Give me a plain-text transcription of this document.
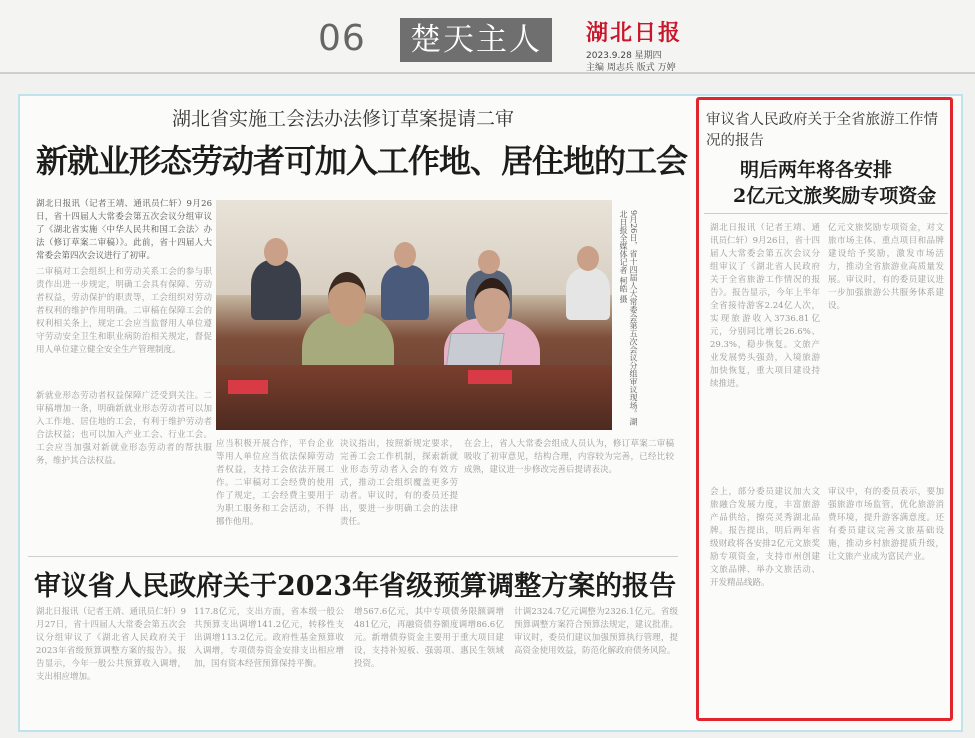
06	楚天主人	湖北日报
2023.9.28 星期四
主编 周志兵 版式 万婷
湖北省实施工会法办法修订草案提请二审
新就业形态劳动者可加入工作地、居住地的工会
湖北日报讯（记者王靖、通讯员仁轩）9月26日，省十四届人大常委会第五次会议分组审议了《湖北省实施〈中华人民共和国工会法〉办法（修订草案二审稿）》。此前，省十四届人大常委会第四次会议进行了初审。
二审稿对工会组织上和劳动关系工会的参与职责作出进一步规定，明确工会具有保障、劳动者权益，劳动保护的职责等，工会组织对劳动者权利的维护作用明确。二审稿在保障工会的权利相关条上，规定工会应当监督用人单位遵守劳动安全卫生和职业病防治相关规定，督促用人单位建立健全安全生产管理制度。
新就业形态劳动者权益保障广泛受到关注。二审稿增加一条，明确新就业形态劳动者可以加入工作地、居住地的工会，有利于维护劳动者合法权益；也可以加入产业工会、行业工会。工会应当加强对新就业形态劳动者的帮扶服务，维护其合法权益。
应当积极开展合作，平台企业等用人单位应当依法保障劳动者权益，支持工会依法开展工作。二审稿对工会经费的使用作了规定，工会经费主要用于为职工服务和工会活动，不得挪作他用。
决议指出，按照新规定要求，完善工会工作机制，探索新就业形态劳动者入会的有效方式，推动工会组织覆盖更多劳动者。审议时，有的委员还提出，要进一步明确工会的法律责任。
在会上，省人大常委会组成人员认为，修订草案二审稿吸收了初审意见，结构合理，内容较为完善，已经比较成熟，建议进一步修改完善后提请表决。
9月26日，省十四届人大常委会第五次会议分组审议现场。湖北日报全媒体记者 柯皓 摄
审议省人民政府关于2023年省级预算调整方案的报告
湖北日报讯（记者王靖、通讯员仁轩）9月27日，省十四届人大常委会第五次会议分组审议了《湖北省人民政府关于2023年省级预算调整方案的报告》。报告显示，今年一般公共预算收入调增，支出相应增加。
117.8亿元，支出方面，省本级一般公共预算支出调增141.2亿元，转移性支出调增113.2亿元。政府性基金预算收入调增，专项债券资金安排支出相应增加，国有资本经营预算保持平衡。
增567.6亿元，其中专项债务限额调增481亿元，再融资债券额度调增86.6亿元。新增债券资金主要用于重大项目建设，支持补短板、强弱项、惠民生领域投资。
计调2324.7亿元调整为2326.1亿元。省级预算调整方案符合预算法规定，建议批准。审议时，委员们建议加强预算执行管理，提高资金使用效益，防范化解政府债务风险。
审议省人民政府关于全省旅游工作情况的报告
明后两年将各安排
2亿元文旅奖励专项资金
湖北日报讯（记者王靖、通讯员仁轩）9月26日，省十四届人大常委会第五次会议分组审议了《湖北省人民政府关于全省旅游工作情况的报告》。报告显示，今年上半年全省接待游客2.24亿人次，实现旅游收入3736.81亿元，分别同比增长26.6%、29.3%，稳步恢复。文旅产业发展势头强劲，入境旅游加快恢复，重大项目建设持续推进。
会上，部分委员建议加大文旅融合发展力度，丰富旅游产品供给，擦亮灵秀湖北品牌。报告提出，明后两年省级财政将各安排2亿元文旅奖励专项资金，支持市州创建文旅品牌、举办文旅活动、开发精品线路。
亿元文旅奖励专项资金，对文旅市场主体、重点项目和品牌建设给予奖励，激发市场活力，推动全省旅游业高质量发展。审议时，有的委员建议进一步加强旅游公共服务体系建设。
审议中，有的委员表示，要加强旅游市场监管，优化旅游消费环境，提升游客满意度。还有委员建议完善文旅基础设施，推动乡村旅游提质升级，让文旅产业成为富民产业。
